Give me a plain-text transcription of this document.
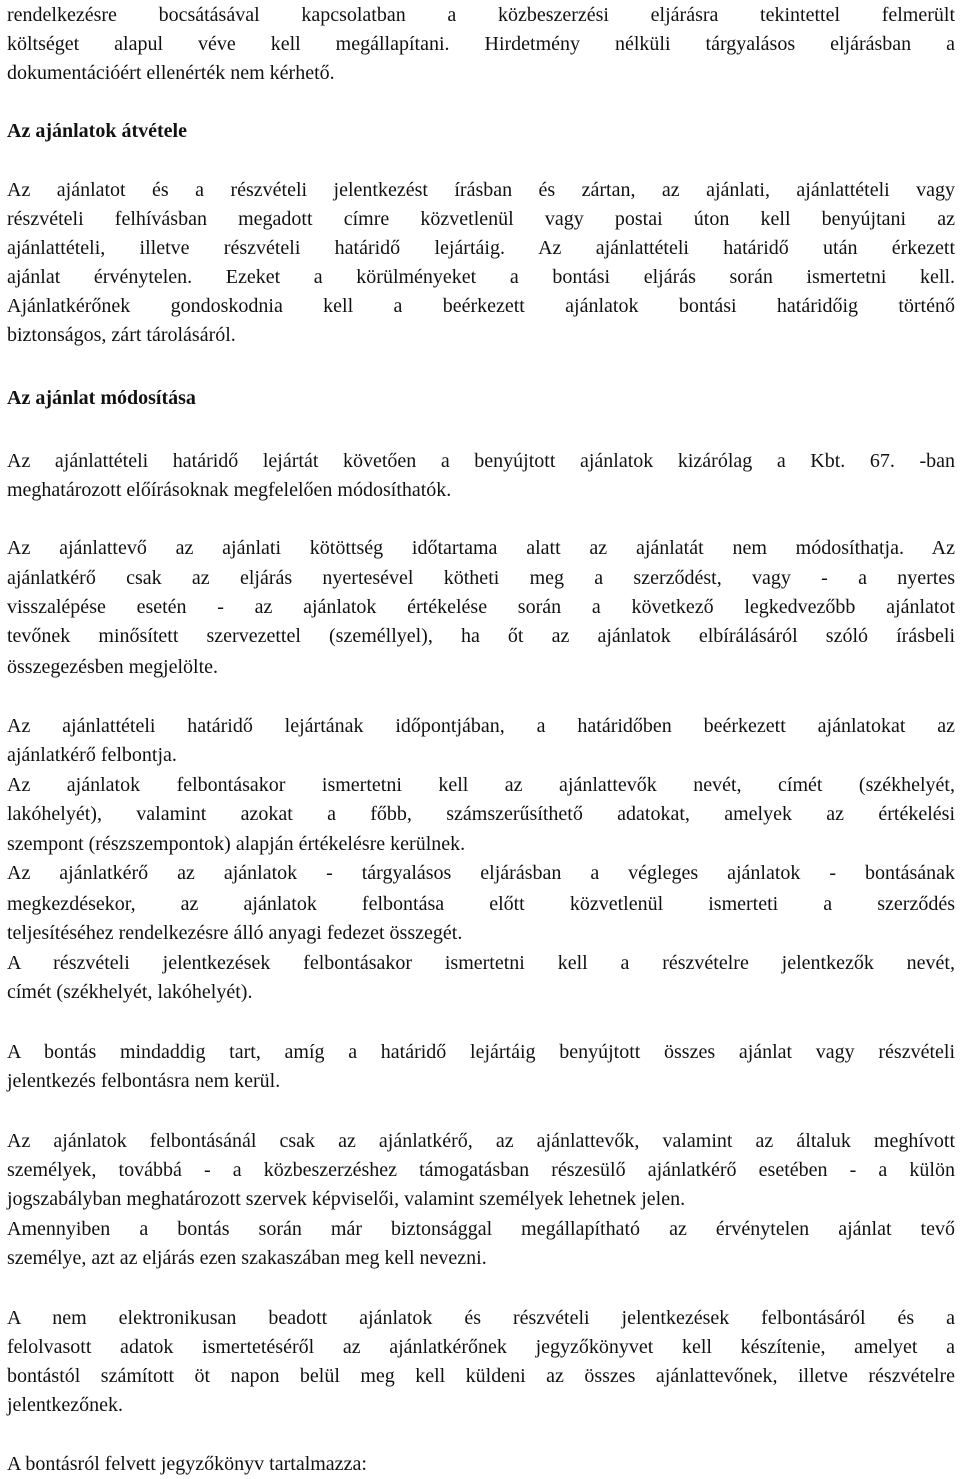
rendelkezésre bocsátásával kapcsolatban a közbeszerzési eljárásra tekintettel felmerült
költséget alapul véve kell megállapítani. Hirdetmény nélküli tárgyalásos eljárásban a
dokumentációért ellenérték nem kérhető.
Az ajánlatok átvétele
Az ajánlatot és a részvételi jelentkezést írásban és zártan, az ajánlati, ajánlattételi vagy
részvételi felhívásban megadott címre közvetlenül vagy postai úton kell benyújtani az
ajánlattételi, illetve részvételi határidő lejártáig. Az ajánlattételi határidő után érkezett
ajánlat érvénytelen. Ezeket a körülményeket a bontási eljárás során ismertetni kell.
Ajánlatkérőnek gondoskodnia kell a beérkezett ajánlatok bontási határidőig történő
biztonságos, zárt tárolásáról.
Az ajánlat módosítása
Az ajánlattételi határidő lejártát követően a benyújtott ajánlatok kizárólag a Kbt. 67. -ban
meghatározott előírásoknak megfelelően módosíthatók.
Az ajánlattevő az ajánlati kötöttség időtartama alatt az ajánlatát nem módosíthatja. Az
ajánlatkérő csak az eljárás nyertesével kötheti meg a szerződést, vagy - a nyertes
visszalépése esetén - az ajánlatok értékelése során a következő legkedvezőbb ajánlatot
tevőnek minősített szervezettel (személlyel), ha őt az ajánlatok elbírálásáról szóló írásbeli
összegezésben megjelölte.
Az ajánlattételi határidő lejártának időpontjában, a határidőben beérkezett ajánlatokat az
ajánlatkérő felbontja.
Az ajánlatok felbontásakor ismertetni kell az ajánlattevők nevét, címét (székhelyét,
lakóhelyét), valamint azokat a főbb, számszerűsíthető adatokat, amelyek az értékelési
szempont (részszempontok) alapján értékelésre kerülnek.
Az ajánlatkérő az ajánlatok - tárgyalásos eljárásban a végleges ajánlatok - bontásának
megkezdésekor, az ajánlatok felbontása előtt közvetlenül ismerteti a szerződés
teljesítéséhez rendelkezésre álló anyagi fedezet összegét.
A részvételi jelentkezések felbontásakor ismertetni kell a részvételre jelentkezők nevét,
címét (székhelyét, lakóhelyét).
A bontás mindaddig tart, amíg a határidő lejártáig benyújtott összes ajánlat vagy részvételi
jelentkezés felbontásra nem kerül.
Az ajánlatok felbontásánál csak az ajánlatkérő, az ajánlattevők, valamint az általuk meghívott
személyek, továbbá - a közbeszerzéshez támogatásban részesülő ajánlatkérő esetében - a külön
jogszabályban meghatározott szervek képviselői, valamint személyek lehetnek jelen.
Amennyiben a bontás során már biztonsággal megállapítható az érvénytelen ajánlat tevő
személye, azt az eljárás ezen szakaszában meg kell nevezni.
A nem elektronikusan beadott ajánlatok és részvételi jelentkezések felbontásáról és a
felolvasott adatok ismertetéséről az ajánlatkérőnek jegyzőkönyvet kell készítenie, amelyet a
bontástól számított öt napon belül meg kell küldeni az összes ajánlattevőnek, illetve részvételre
jelentkezőnek.
A bontásról felvett jegyzőkönyv tartalmazza:
